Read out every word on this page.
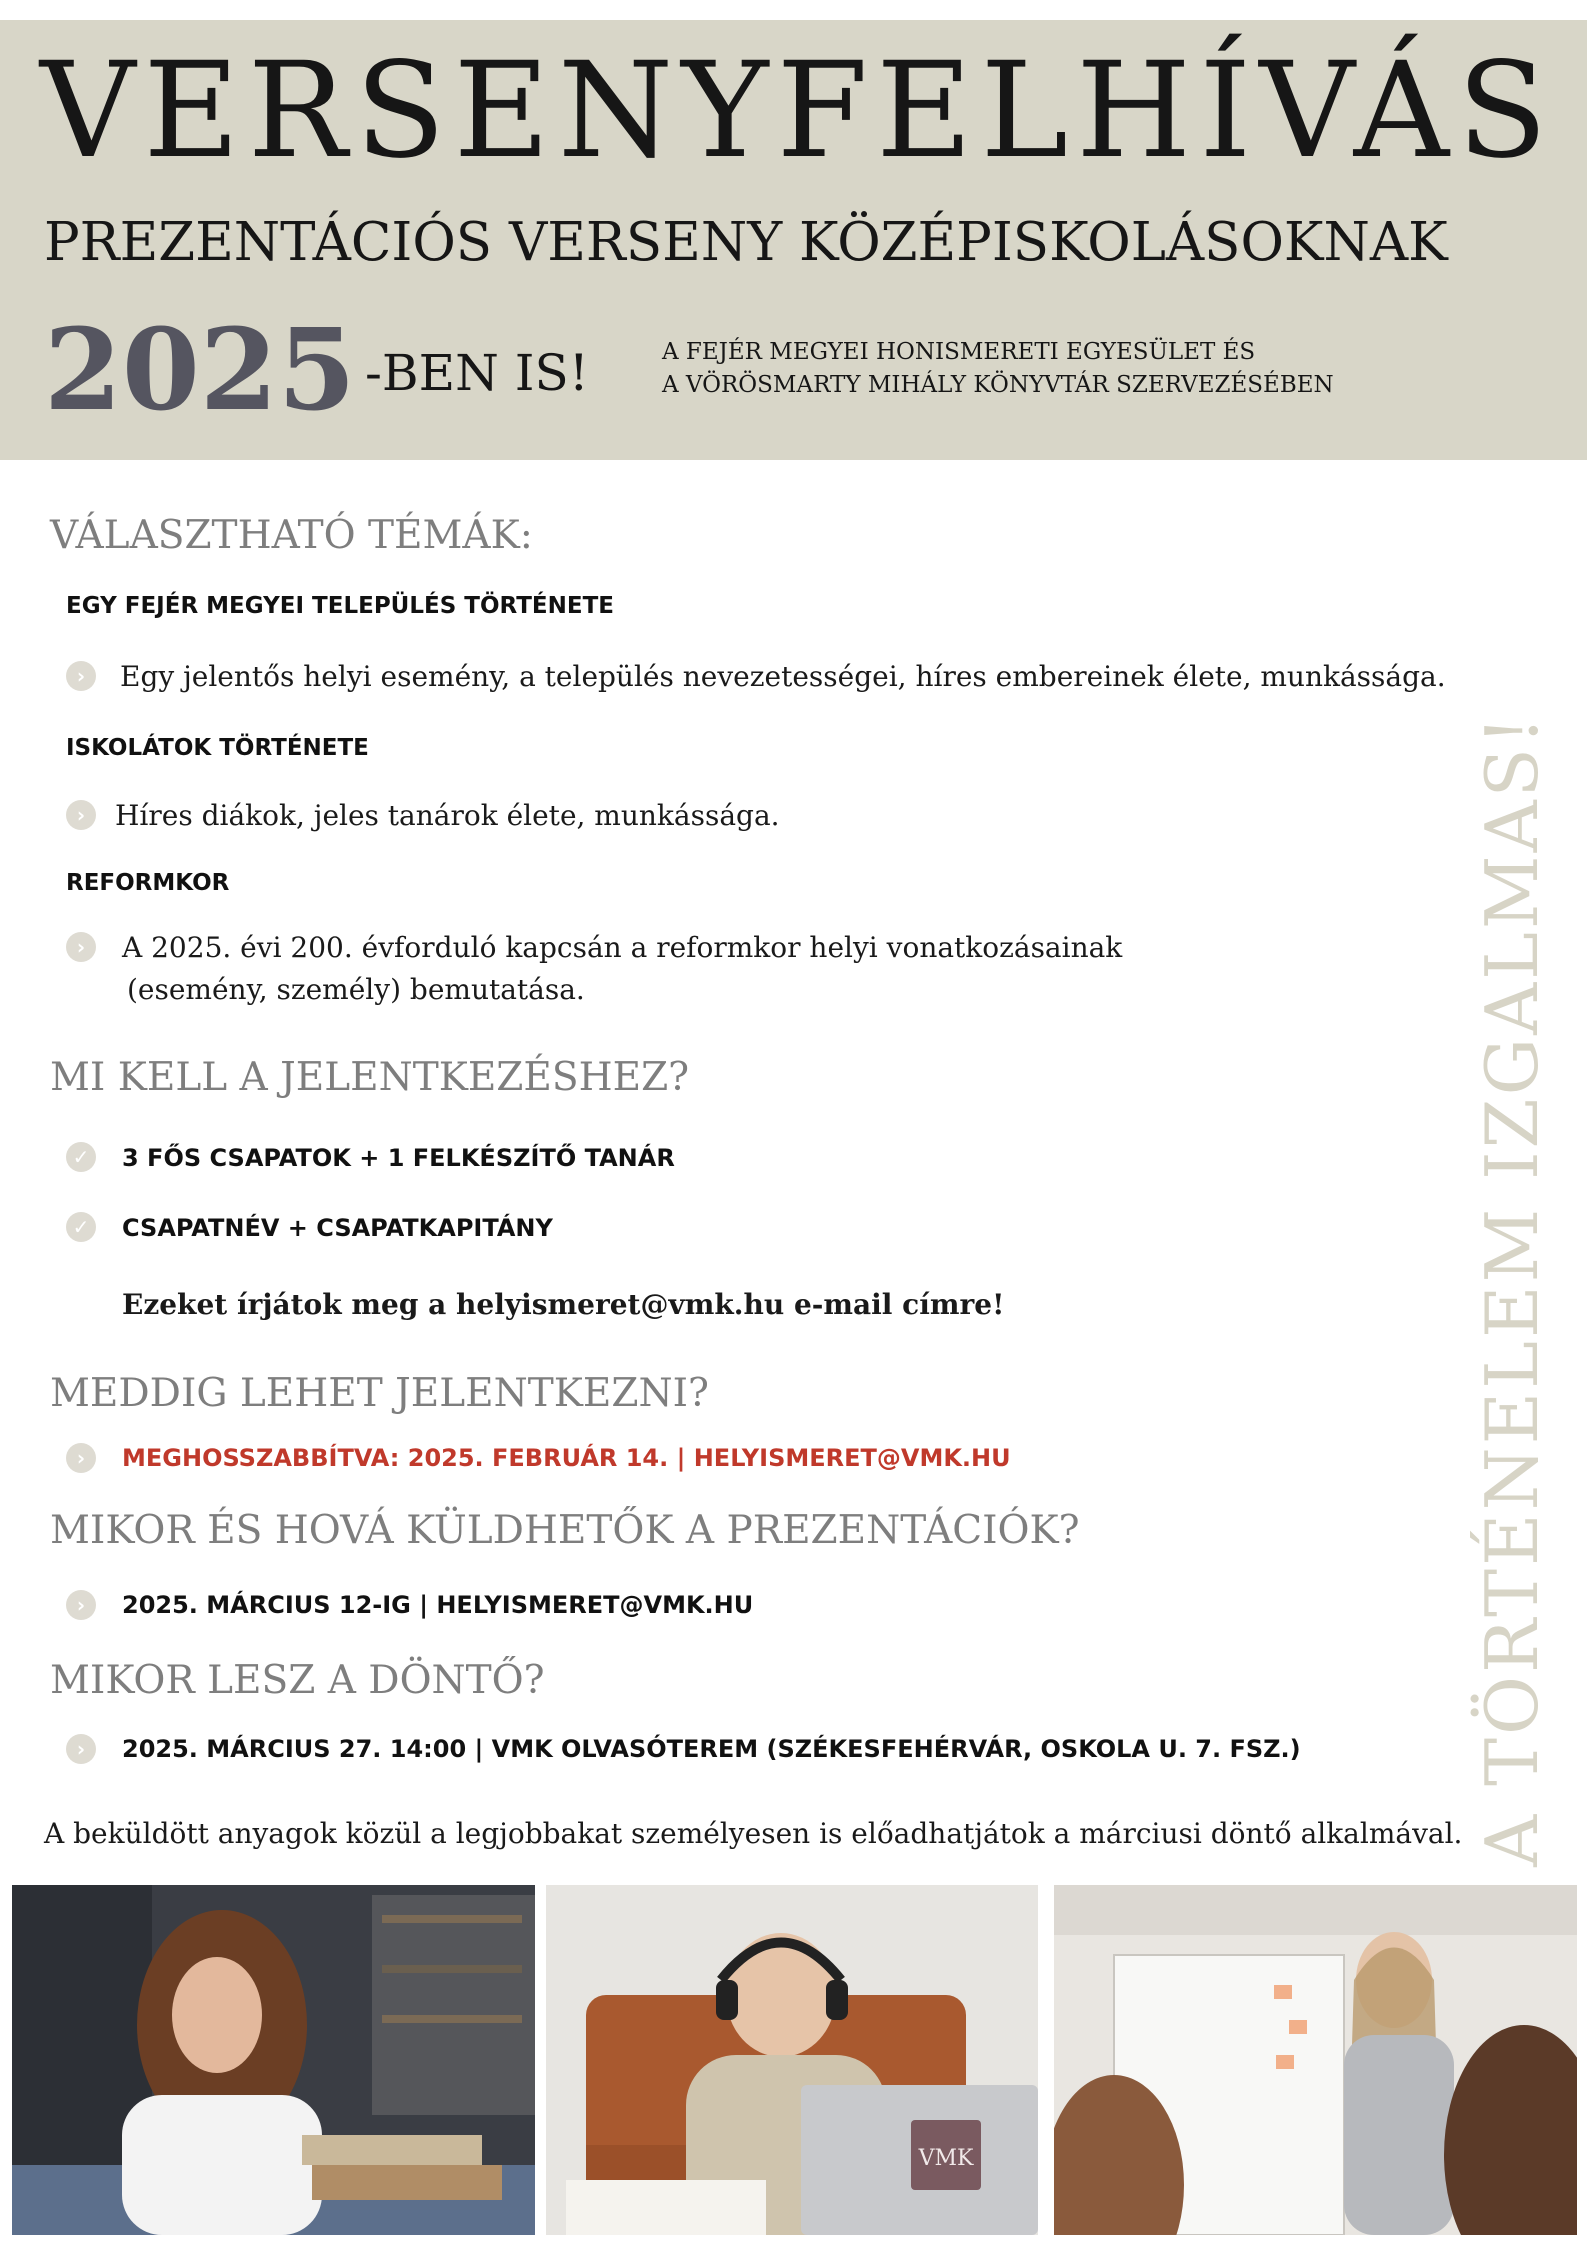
VERSENYFELHÍVÁS
PREZENTÁCIÓS VERSENY KÖZÉPISKOLÁSOKNAK
2025 -BEN IS!	A FEJÉR MEGYEI HONISMERETI EGYESÜLET ÉS
A VÖRÖSMARTY MIHÁLY KÖNYVTÁR SZERVEZÉSÉBEN
VÁLASZTHATÓ TÉMÁK:
EGY FEJÉR MEGYEI TELEPÜLÉS TÖRTÉNETE
›	Egy jelentős helyi esemény, a település nevezetességei, híres embereinek élete, munkássága.
ISKOLÁTOK TÖRTÉNETE
›	Híres diákok, jeles tanárok élete, munkássága.
REFORMKOR
›	A 2025. évi 200. évforduló kapcsán a reformkor helyi vonatkozásainak
(esemény, személy) bemutatása.
MI KELL A JELENTKEZÉSHEZ?
✓ 3 FŐS CSAPATOK + 1 FELKÉSZÍTŐ TANÁR
✓ CSAPATNÉV + CSAPATKAPITÁNY
Ezeket írjátok meg a helyismeret@vmk.hu e-mail címre!
MEDDIG LEHET JELENTKEZNI?
›	MEGHOSSZABBÍTVA: 2025. FEBRUÁR 14. | HELYISMERET@VMK.HU
MIKOR ÉS HOVÁ KÜLDHETŐK A PREZENTÁCIÓK?
›	2025. MÁRCIUS 12-IG | HELYISMERET@VMK.HU
MIKOR LESZ A DÖNTŐ?
›	2025. MÁRCIUS 27. 14:00 | VMK OLVASÓTEREM (SZÉKESFEHÉRVÁR, OSKOLA U. 7. FSZ.) A TÖRTÉNELEM IZGALMAS!
A beküldött anyagok közül a legjobbakat személyesen is előadhatjátok a márciusi döntő alkalmával.
VMK
